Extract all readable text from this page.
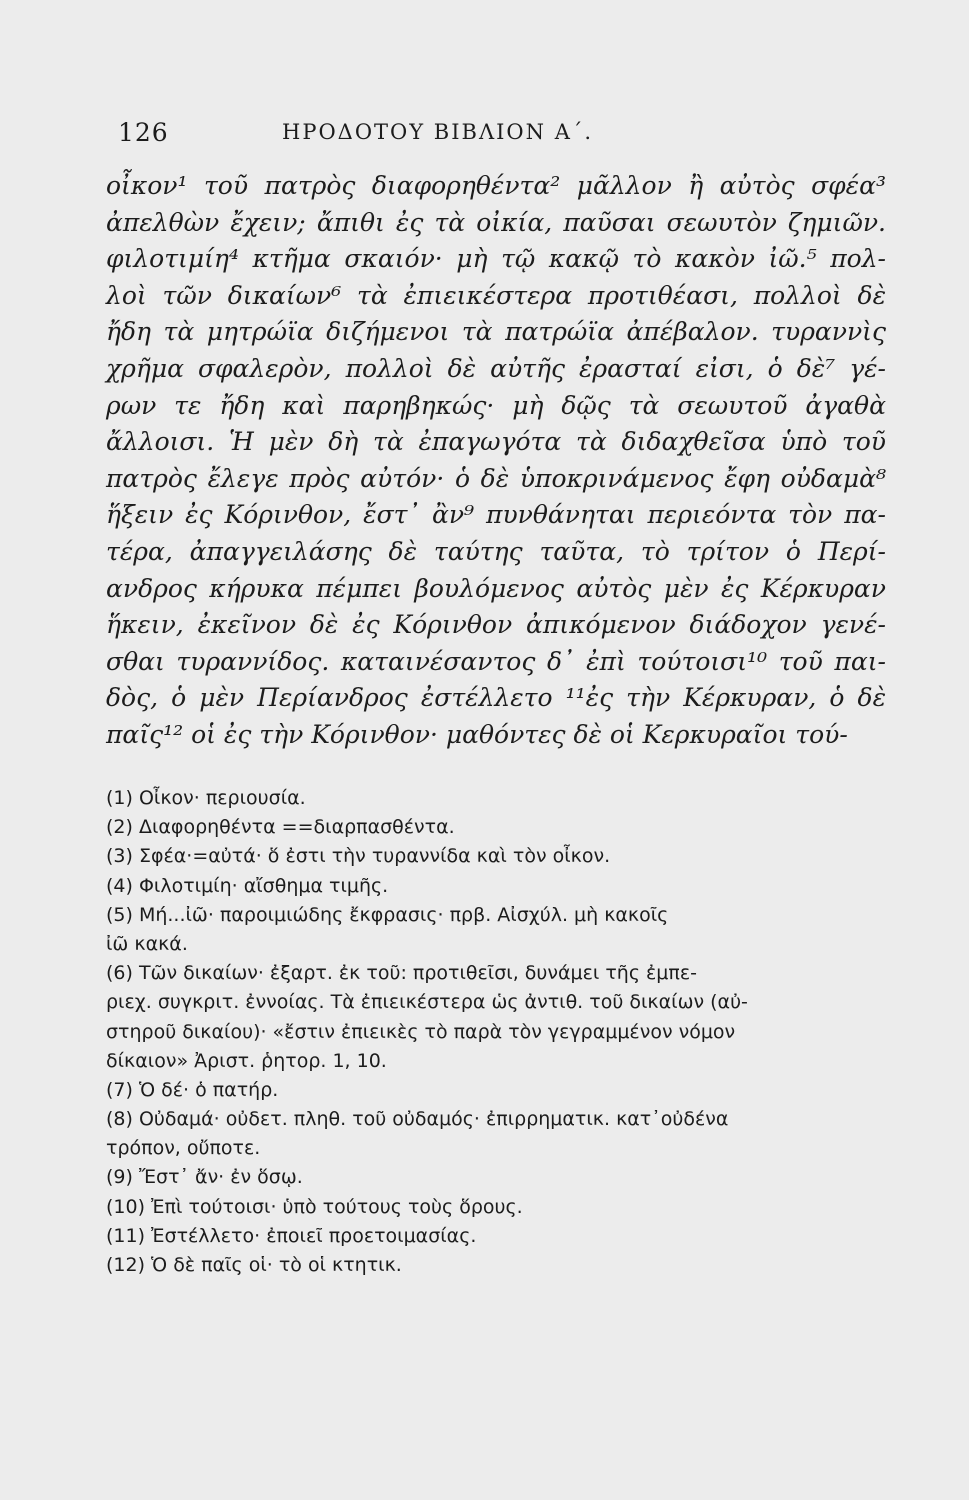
126	ΗΡΟΔΟΤΟΥ ΒΙΒΛΙΟΝ Α΄.
οἶκον¹ τοῦ πατρὸς διαφορηθέντα² μᾶλλον ἢ αὐτὸς σφέα³
ἀπελθὼν ἔχειν; ἄπιθι ἐς τὰ οἰκία, παῦσαι σεωυτὸν ζημιῶν.
φιλοτιμίη⁴ κτῆμα σκαιόν· μὴ τῷ κακῷ τὸ κακὸν ἰῶ.⁵ πολ-
λοὶ τῶν δικαίων⁶ τὰ ἐπιεικέστερα προτιθέασι, πολλοὶ δὲ
ἤδη τὰ μητρώϊα διζήμενοι τὰ πατρώϊα ἀπέβαλον. τυραννὶς
χρῆμα σφαλερὸν, πολλοὶ δὲ αὐτῆς ἐρασταί εἰσι, ὁ δὲ⁷ γέ-
ρων τε ἤδη καὶ παρηβηκώς· μὴ δῷς τὰ σεωυτοῦ ἀγαθὰ
ἄλλοισι. Ἡ μὲν δὴ τὰ ἐπαγωγότα τὰ διδαχθεῖσα ὑπὸ τοῦ
πατρὸς ἔλεγε πρὸς αὐτόν· ὁ δὲ ὑποκρινάμενος ἔφη οὐδαμὰ⁸
ἥξειν ἐς Κόρινθον, ἔστ᾽ ἂν⁹ πυνθάνηται περιεόντα τὸν πα-
τέρα, ἀπαγγειλάσης δὲ ταύτης ταῦτα, τὸ τρίτον ὁ Περί-
ανδρος κήρυκα πέμπει βουλόμενος αὐτὸς μὲν ἐς Κέρκυραν
ἥκειν, ἐκεῖνον δὲ ἐς Κόρινθον ἀπικόμενον διάδοχον γενέ-
σθαι τυραννίδος. καταινέσαντος δ᾽ ἐπὶ τούτοισι¹⁰ τοῦ παι-
δὸς, ὁ μὲν Περίανδρος ἐστέλλετο ¹¹ἐς τὴν Κέρκυραν, ὁ δὲ
παῖς¹² οἱ ἐς τὴν Κόρινθον· μαθόντες δὲ οἱ Κερκυραῖοι τού-
(1) Οἶκον· περιουσία.
(2) Διαφορηθέντα ==διαρπασθέντα.
(3) Σφέα·=αὐτά· ὅ ἐστι τὴν τυραννίδα καὶ τὸν οἶκον.
(4) Φιλοτιμίη· αἴσθημα τιμῆς.
(5) Μή...ἰῶ· παροιμιώδης ἔκφρασις· πρβ. Αἰσχύλ. μὴ κακοῖς
ἰῶ κακά.
(6) Τῶν δικαίων· ἐξαρτ. ἐκ τοῦ: προτιθεῖσι, δυνάμει τῆς ἐμπε-
ριεχ. συγκριτ. ἐννοίας. Τὰ ἐπιεικέστερα ὡς ἀντιθ. τοῦ δικαίων (αὐ-
στηροῦ δικαίου)· «ἔστιν ἐπιεικὲς τὸ παρὰ τὸν γεγραμμένον νόμον
δίκαιον» Ἀριστ. ῥητορ. 1, 10.
(7) Ὁ δέ· ὁ πατήρ.
(8) Οὐδαμά· οὐδετ. πληθ. τοῦ οὐδαμός· ἐπιρρηματικ. κατ᾽οὐδένα
τρόπον, οὔποτε.
(9) Ἔστ᾽ ἄν· ἐν ὅσῳ.
(10) Ἐπὶ τούτοισι· ὑπὸ τούτους τοὺς ὅρους.
(11) Ἐστέλλετο· ἐποιεῖ προετοιμασίας.
(12) Ὁ δὲ παῖς οἱ· τὸ οἱ κτητικ.
